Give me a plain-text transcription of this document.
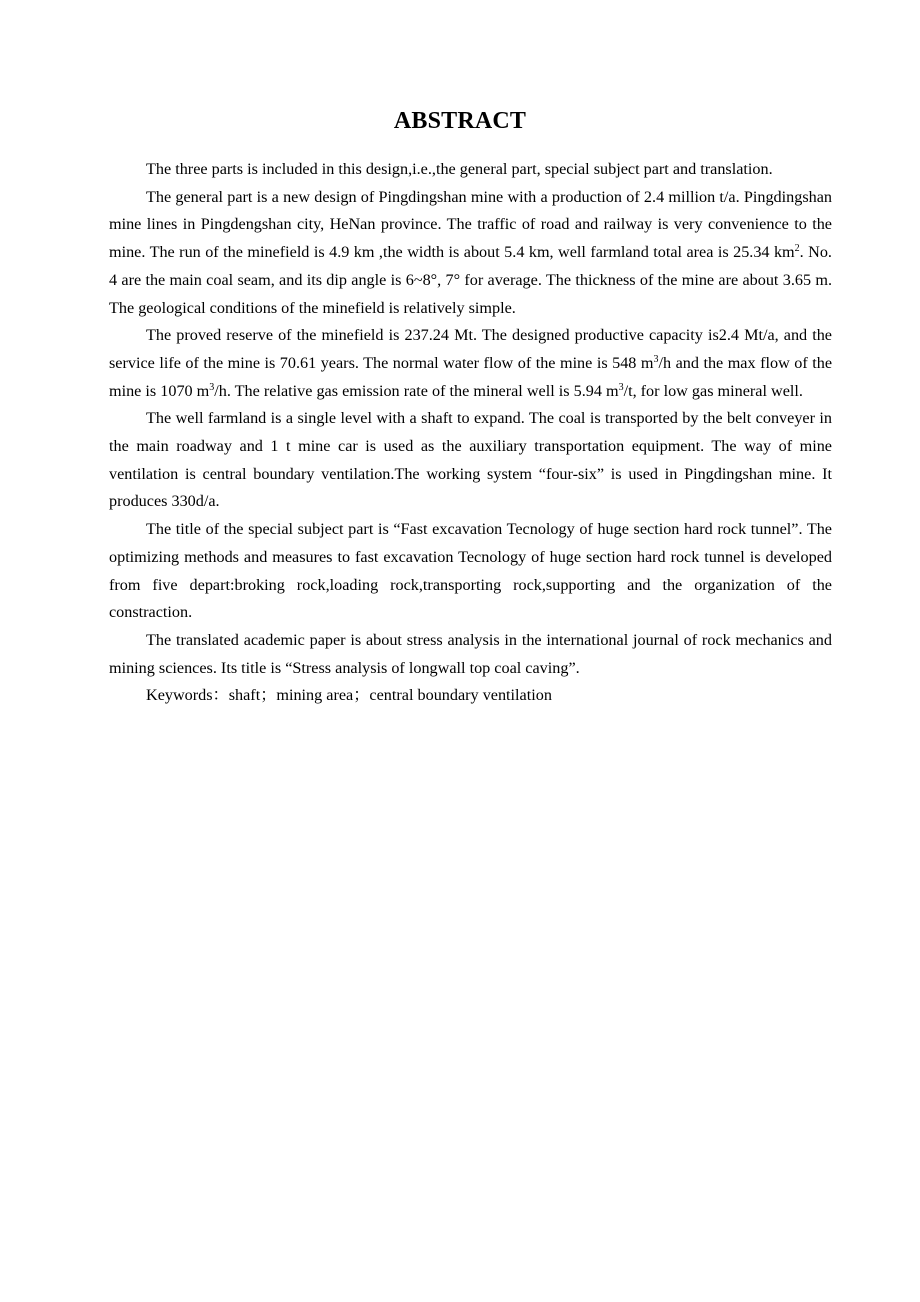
ABSTRACT

The three parts is included in this design,i.e.,the general part, special subject part and translation.

The general part is a new design of Pingdingshan mine with a production of 2.4 million t/a. Pingdingshan mine lines in Pingdengshan city, HeNan province. The traffic of road and railway is very convenience to the mine. The run of the minefield is 4.9 km ,the width is about 5.4 km, well farmland total area is 25.34 $km^2$. No. 4 are the main coal seam, and its dip angle is 6~8°, 7° for average. The thickness of the mine are about 3.65 m. The geological conditions of the minefield is relatively simple.

The proved reserve of the minefield is 237.24 Mt. The designed productive capacity is2.4 Mt/a, and the service life of the mine is 70.61 years. The normal water flow of the mine is 548 $m^3/h$ and the max flow of the mine is 1070 $m^3/h$. The relative gas emission rate of the mineral well is 5.94 $m^3/t$, for low gas mineral well.

The well farmland is a single level with a shaft to expand. The coal is transported by the belt conveyer in the main roadway and 1 t mine car is used as the auxiliary transportation equipment. The way of mine ventilation is central boundary ventilation.The working system “four-six” is used in Pingdingshan mine. It produces 330d/a.

The title of the special subject part is “Fast excavation Tecnology of huge section hard rock tunnel”. The optimizing methods and measures to fast excavation Tecnology of huge section hard rock tunnel is developed from five depart:broking rock,loading rock,transporting rock,supporting and the organization of the constraction.

The translated academic paper is about stress analysis in the international journal of rock mechanics and mining sciences. Its title is “Stress analysis of longwall top coal caving”.

Keywords：shaft；mining area；central boundary ventilation
